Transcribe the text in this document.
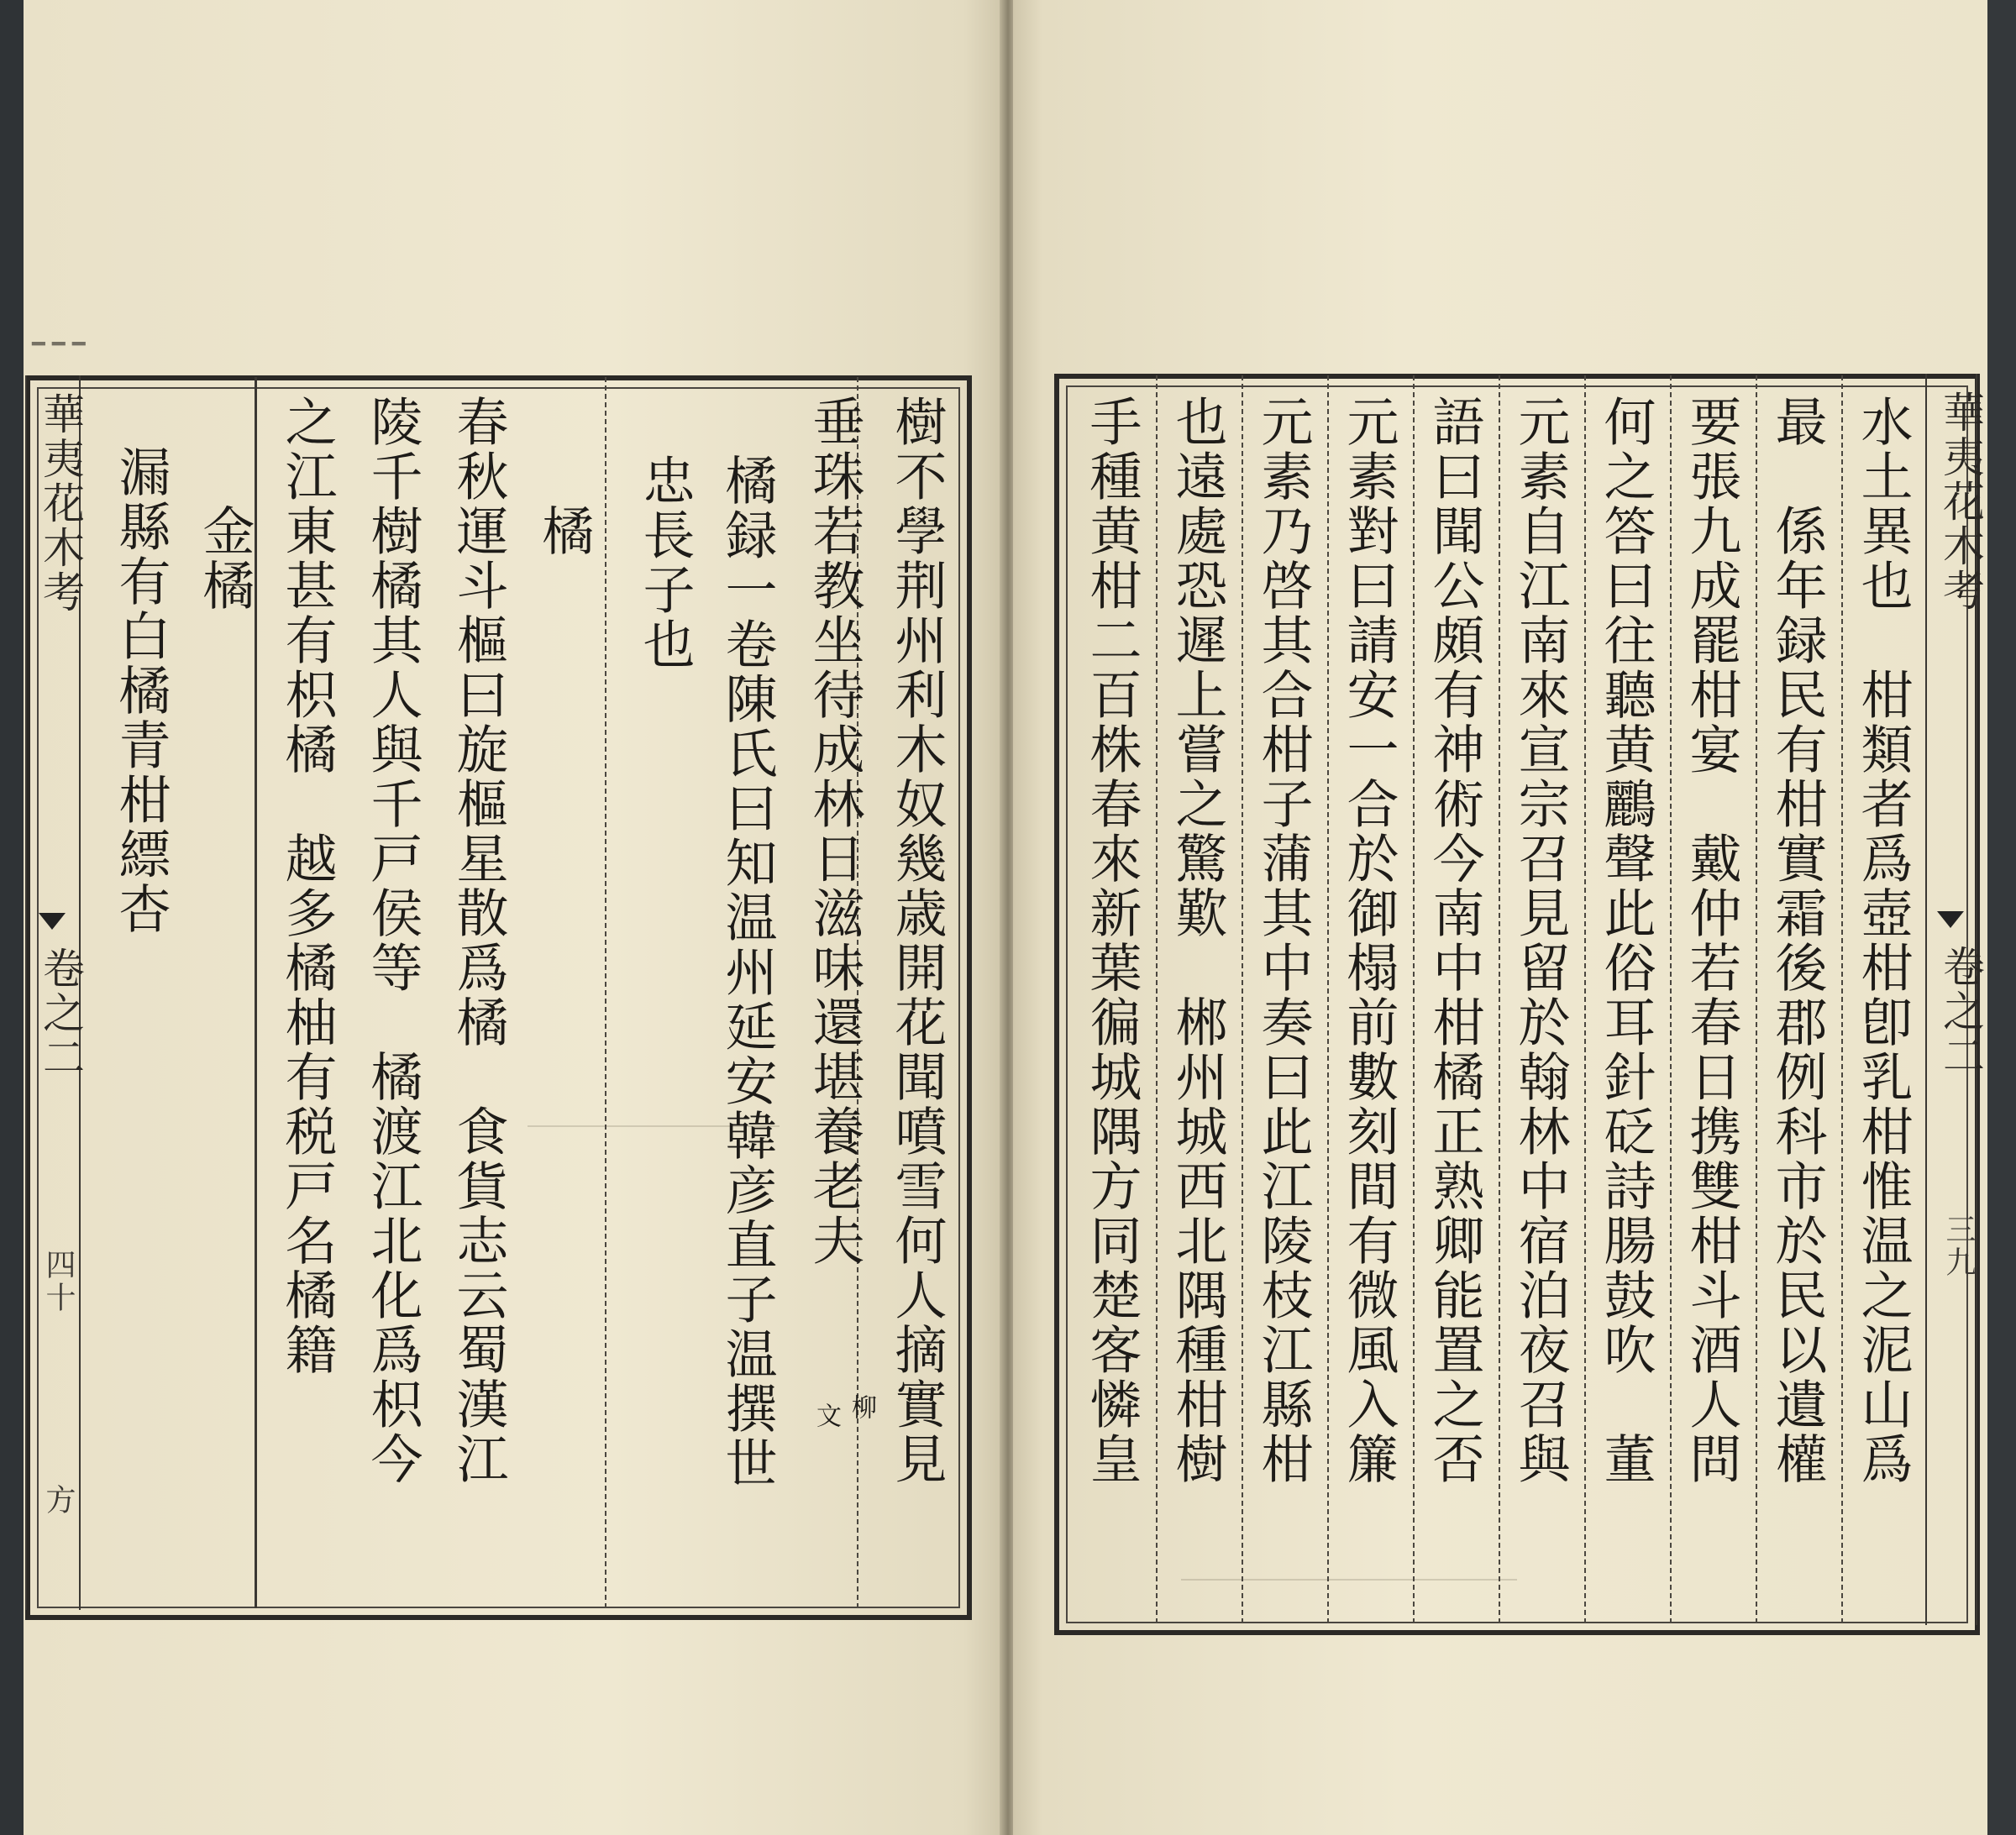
━ ━ ━
華夷花木考
卷之二
四十
方
樹不學荆州利木奴幾歳開花聞噴雪何人摘實見
垂珠若教坐待成林日滋味還堪養老夫
柳
文
橘録一卷陳氏曰知温州延安韓彦直子温撰世
忠長子也
橘
春秋運斗樞曰旋樞星散爲橘　食貨志云蜀漢江
陵千樹橘其人與千戸侯等　橘渡江北化爲枳今
之江東甚有枳橘　越多橘柚有税戸名橘籍
金橘
漏縣有白橘青柑縹杏	華夷花木考
卷之二
三九
水土異也　柑類者爲壺柑卽乳柑惟温之泥山爲
最　係年録民有柑實霜後郡例科市於民以遺權
要張九成罷柑宴　戴仲若春日携雙柑斗酒人問
何之答曰往聽黄鸝聲此俗耳針砭詩腸鼓吹　董
元素自江南來宣宗召見留於翰林中宿泊夜召與
語曰聞公頗有神術今南中柑橘正熟卿能置之否
元素對曰請安一合於御榻前數刻間有微風入簾
元素乃啓其合柑子蒲其中奏曰此江陵枝江縣柑
也遠處恐遲上嘗之驚歎　郴州城西北隅種柑樹
手種黄柑二百株春來新葉徧城隅方同楚客憐皇
